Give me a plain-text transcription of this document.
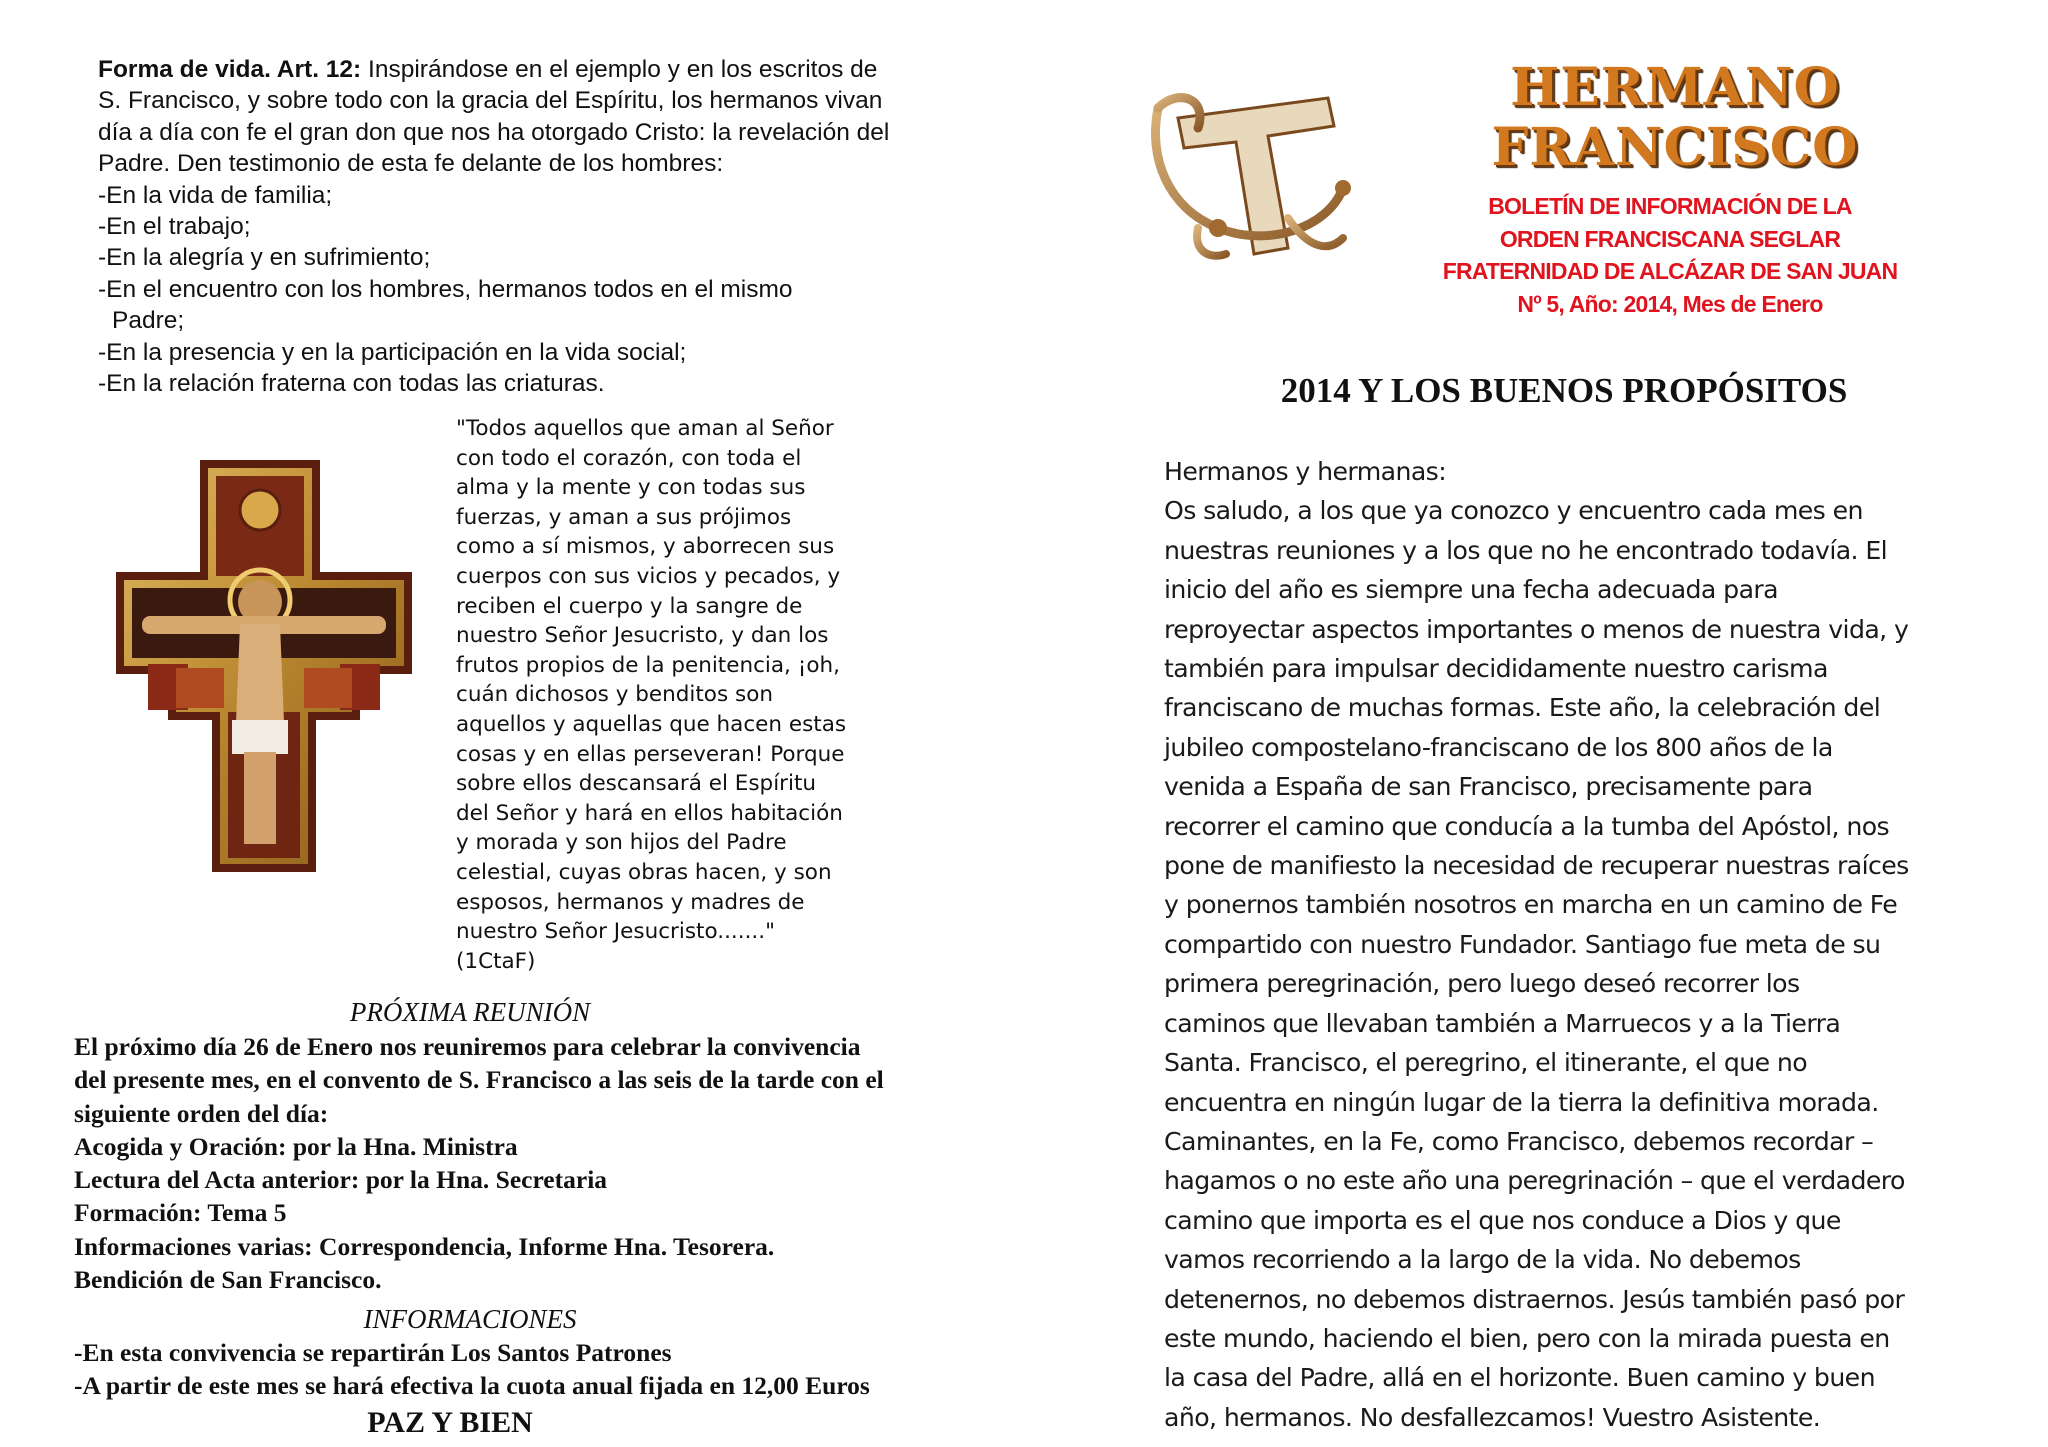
Forma de vida. Art. 12: Inspirándose en el ejemplo y en los escritos de
S. Francisco, y sobre todo con la gracia del Espíritu, los hermanos vivan
día a día con fe el gran don que nos ha otorgado Cristo: la revelación del
Padre. Den testimonio de esta fe delante de los hombres:
-En la vida de familia;
-En el trabajo;
-En la alegría y en sufrimiento;
-En el encuentro con los hombres, hermanos todos en el mismo
Padre;
-En la presencia y en la participación en la vida social;
-En la relación fraterna con todas las criaturas.
"Todos aquellos que aman al Señor
con todo el corazón, con toda el
alma y la mente y con todas sus
fuerzas, y aman a sus prójimos
como a sí mismos, y aborrecen sus
cuerpos con sus vicios y pecados, y
reciben el cuerpo y la sangre de
nuestro Señor Jesucristo, y dan los
frutos propios de la penitencia, ¡oh,
cuán dichosos y benditos son
aquellos y aquellas que hacen estas
cosas y en ellas perseveran! Porque
sobre ellos descansará el Espíritu
del Señor y hará en ellos habitación
y morada y son hijos del Padre
celestial, cuyas obras hacen, y son
esposos, hermanos y madres de
nuestro Señor Jesucristo......."
(1CtaF)
PRÓXIMA REUNIÓN
El próximo día 26 de Enero nos reuniremos para celebrar la convivencia
del presente mes, en el convento de S. Francisco a las seis de la tarde con el
siguiente orden del día:
Acogida y Oración: por la Hna. Ministra
Lectura del Acta anterior: por la Hna. Secretaria
Formación: Tema 5
Informaciones varias: Correspondencia, Informe Hna. Tesorera.
Bendición de San Francisco.
INFORMACIONES
-En esta convivencia se repartirán Los Santos Patrones
-A partir de este mes se hará efectiva la cuota anual fijada en 12,00 Euros
PAZ Y BIEN
HERMANO FRANCISCO
BOLETÍN DE INFORMACIÓN DE LA
ORDEN FRANCISCANA SEGLAR
FRATERNIDAD DE ALCÁZAR DE SAN JUAN
Nº 5, Año: 2014, Mes de Enero
2014 Y LOS BUENOS PROPÓSITOS
Hermanos y hermanas:
Os saludo, a los que ya conozco y encuentro cada mes en
nuestras reuniones y a los que no he encontrado todavía. El
inicio del año es siempre una fecha adecuada para
reproyectar aspectos importantes o menos de nuestra vida, y
también para impulsar decididamente nuestro carisma
franciscano de muchas formas. Este año, la celebración del
jubileo compostelano-franciscano de los 800 años de la
venida a España de san Francisco, precisamente para
recorrer el camino que conducía a la tumba del Apóstol, nos
pone de manifiesto la necesidad de recuperar nuestras raíces
y ponernos también nosotros en marcha en un camino de Fe
compartido con nuestro Fundador. Santiago fue meta de su
primera peregrinación, pero luego deseó recorrer los
caminos que llevaban también a Marruecos y a la Tierra
Santa. Francisco, el peregrino, el itinerante, el que no
encuentra en ningún lugar de la tierra la definitiva morada.
Caminantes, en la Fe, como Francisco, debemos recordar –
hagamos o no este año una peregrinación – que el verdadero
camino que importa es el que nos conduce a Dios y que
vamos recorriendo a la largo de la vida. No debemos
detenernos, no debemos distraernos. Jesús también pasó por
este mundo, haciendo el bien, pero con la mirada puesta en
la casa del Padre, allá en el horizonte. Buen camino y buen
año, hermanos. No desfallezcamos! Vuestro Asistente.
